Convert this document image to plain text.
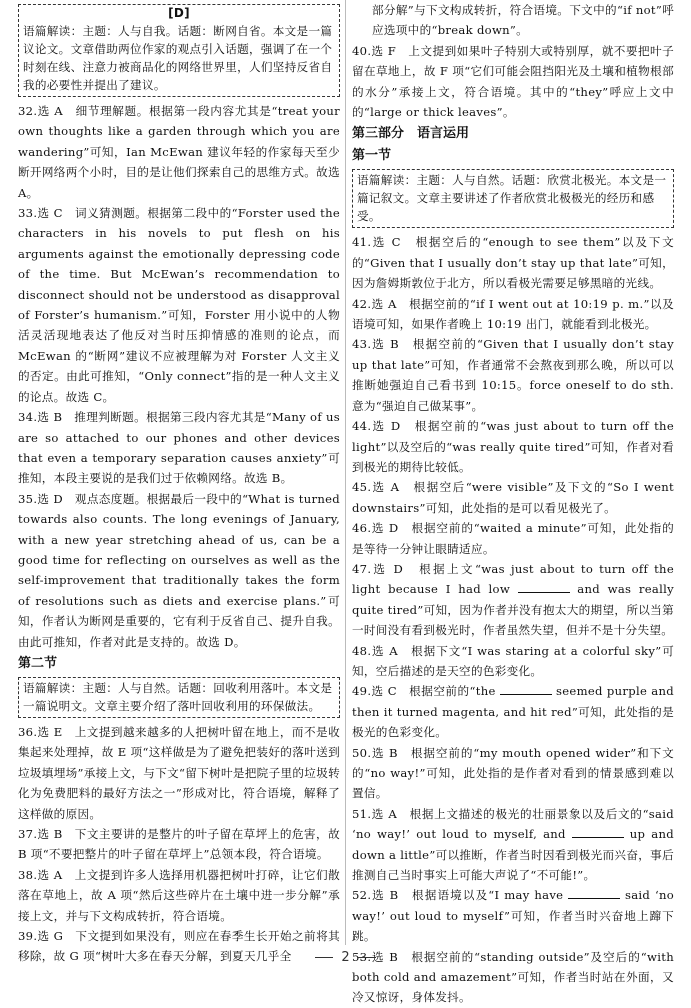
[D]
语篇解读：主题：人与自我。话题：断网自省。本文是一篇议论文。文章借助两位作家的观点引入话题，强调了在一个时刻在线、注意力被商品化的网络世界里，人们坚持反省自我的必要性并提出了建议。
32.选 A　细节理解题。根据第一段内容尤其是“treat your own thoughts like a garden through which you are wandering”可知，Ian McEwan 建议年轻的作家每天至少断开网络两个小时，目的是让他们探索自己的思维方式。故选 A。
33.选 C　词义猜测题。根据第二段中的“Forster used the characters in his novels to put flesh on his arguments against the emotionally depressing code of the time. But McEwan’s recommendation to disconnect should not be understood as disapproval of Forster’s humanism.”可知，Forster 用小说中的人物活灵活现地表达了他反对当时压抑情感的准则的论点，而 McEwan 的“断网”建议不应被理解为对 Forster 人文主义的否定。由此可推知，“Only connect”指的是一种人文主义的论点。故选 C。
34.选 B　推理判断题。根据第三段内容尤其是“Many of us are so attached to our phones and other devices that even a temporary separation causes anxiety”可推知，本段主要说的是我们过于依赖网络。故选 B。
35.选 D　观点态度题。根据最后一段中的“What is turned towards also counts. The long evenings of January, with a new year stretching ahead of us, can be a good time for reflecting on ourselves as well as the self-improvement that traditionally takes the form of resolutions such as diets and exercise plans.”可知，作者认为断网是重要的，它有利于反省自己、提升自我。由此可推知，作者对此是支持的。故选 D。
第二节
语篇解读：主题：人与自然。话题：回收利用落叶。本文是一篇说明文。文章主要介绍了落叶回收利用的环保做法。
36.选 E　上文提到越来越多的人把树叶留在地上，而不是收集起来处理掉，故 E 项“这样做是为了避免把装好的落叶送到垃圾填埋场”承接上文，与下文“留下树叶是把院子里的垃圾转化为免费肥料的最好方法之一”形成对比，符合语境，解释了这样做的原因。
37.选 B　下文主要讲的是整片的叶子留在草坪上的危害，故 B 项“不要把整片的叶子留在草坪上”总领本段，符合语境。
38.选 A　上文提到许多人选择用机器把树叶打碎，让它们散落在草地上，故 A 项“然后这些碎片在土壤中进一步分解”承接上文，并与下文构成转折，符合语境。
39.选 G　下文提到如果没有，则应在春季生长开始之前将其移除，故 G 项“树叶大多在春天分解，到夏天几乎全
部分解”与下文构成转折，符合语境。下文中的“if not”呼应选项中的“break down”。
40.选 F　上文提到如果叶子特别大或特别厚，就不要把叶子留在草地上，故 F 项“它们可能会阻挡阳光及土壤和植物根部的水分”承接上文，符合语境。其中的“they”呼应上文中的“large or thick leaves”。
第三部分　语言运用
第一节
语篇解读：主题：人与自然。话题：欣赏北极光。本文是一篇记叙文。文章主要讲述了作者欣赏北极极光的经历和感受。
41.选 C　根据空后的“enough to see them”以及下文的“Given that I usually don’t stay up that late”可知，因为詹姆斯敦位于北方，所以看极光需要足够黑暗的光线。
42.选 A　根据空前的“if I went out at 10:19 p. m.”以及语境可知，如果作者晚上 10:19 出门，就能看到北极光。
43.选 B　根据空前的“Given that I usually don’t stay up that late”可知，作者通常不会熬夜到那么晚，所以可以推断她强迫自己看书到 10:15。force oneself to do sth.意为“强迫自己做某事”。
44.选 D　根据空前的“was just about to turn off the light”以及空后的“was really quite tired”可知，作者对看到极光的期待比较低。
45.选 A　根据空后“were visible”及下文的“So I went downstairs”可知，此处指的是可以看见极光了。
46.选 D　根据空前的“waited a minute”可知，此处指的是等待一分钟让眼睛适应。
47.选 D　根据上文“was just about to turn off the light because I had low	and was really quite tired”可知，因为作者并没有抱太大的期望，所以当第一时间没有看到极光时，作者虽然失望，但并不是十分失望。
48.选 A　根据下文“I was staring at a colorful sky”可知，空后描述的是天空的色彩变化。
49.选 C　根据空前的“the	seemed purple and then it turned magenta, and hit red”可知，此处指的是极光的色彩变化。
50.选 B　根据空前的“my mouth opened wider”和下文的“no way!”可知，此处指的是作者对看到的情景感到难以置信。
51.选 A　根据上文描述的极光的壮丽景象以及后文的“said ‘no way!’ out loud to myself, and	up and down a little”可以推断，作者当时因看到极光而兴奋，事后推测自己当时事实上可能大声说了“不可能!”。
52.选 B　根据语境以及“I may have	said ‘no way!’ out loud to myself”可知，作者当时兴奋地上蹿下跳。
53.选 B　根据空前的“standing outside”及空后的“with both cold and amazement”可知，作者当时站在外面，又冷又惊讶，身体发抖。
2
